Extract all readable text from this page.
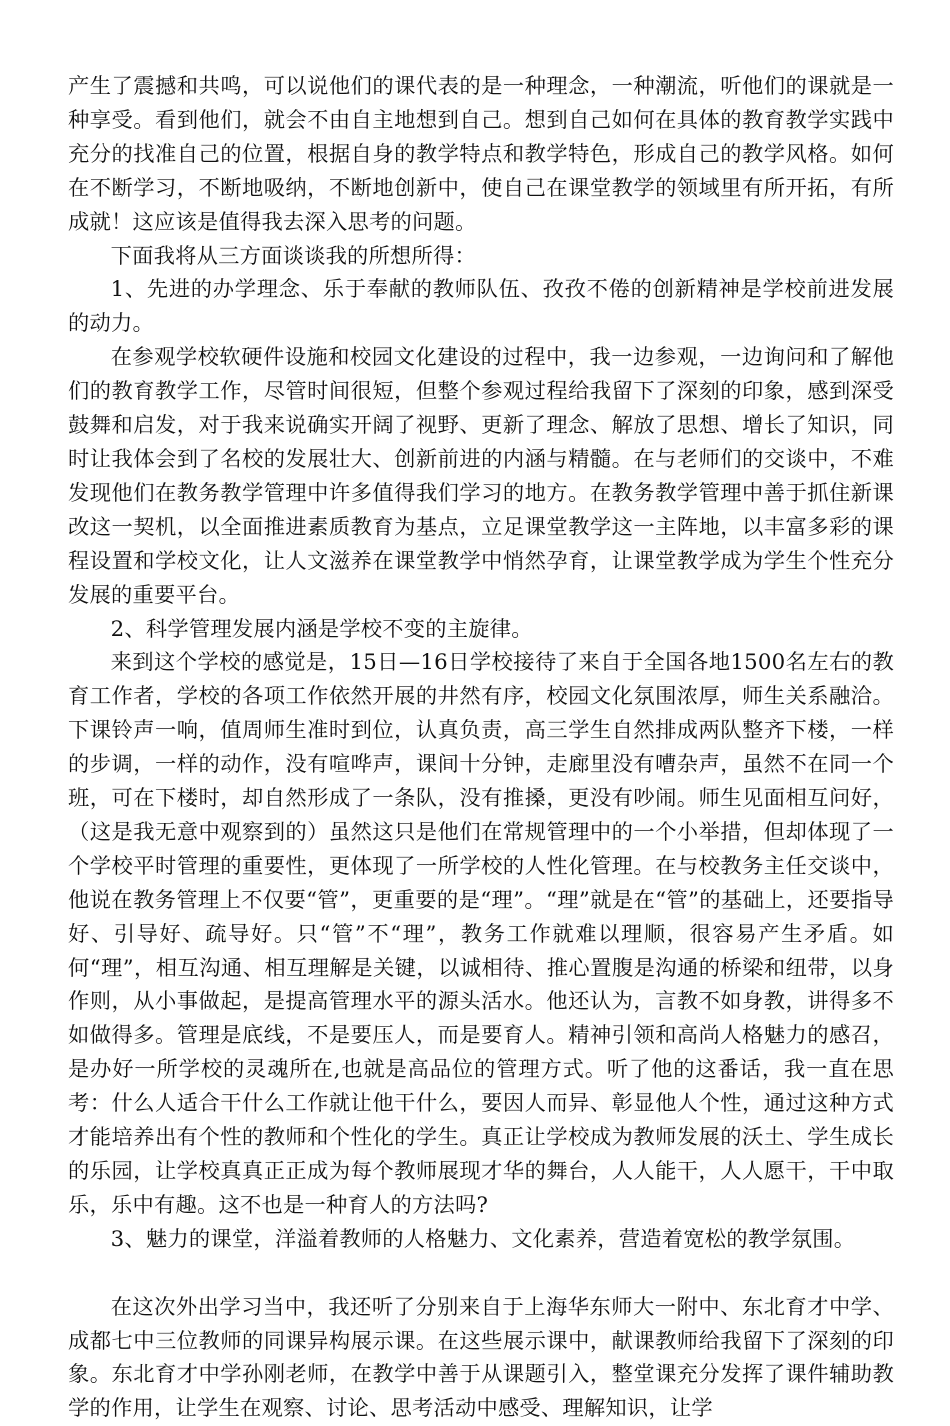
产生了震撼和共鸣，可以说他们的课代表的是一种理念，一种潮流，听他们的课就是一种享受。看到他们，就会不由自主地想到自己。想到自己如何在具体的教育教学实践中充分的找准自己的位置，根据自身的教学特点和教学特色，形成自己的教学风格。如何在不断学习，不断地吸纳，不断地创新中，使自己在课堂教学的领域里有所开拓，有所成就！这应该是值得我去深入思考的问题。

下面我将从三方面谈谈我的所想所得：

1、先进的办学理念、乐于奉献的教师队伍、孜孜不倦的创新精神是学校前进发展的动力。

在参观学校软硬件设施和校园文化建设的过程中，我一边参观，一边询问和了解他们的教育教学工作，尽管时间很短，但整个参观过程给我留下了深刻的印象，感到深受鼓舞和启发，对于我来说确实开阔了视野、更新了理念、解放了思想、增长了知识，同时让我体会到了名校的发展壮大、创新前进的内涵与精髓。在与老师们的交谈中，不难发现他们在教务教学管理中许多值得我们学习的地方。在教务教学管理中善于抓住新课改这一契机，以全面推进素质教育为基点，立足课堂教学这一主阵地，以丰富多彩的课程设置和学校文化，让人文滋养在课堂教学中悄然孕育，让课堂教学成为学生个性充分发展的重要平台。

2、科学管理发展内涵是学校不变的主旋律。

来到这个学校的感觉是，15日—16日学校接待了来自于全国各地1500名左右的教育工作者，学校的各项工作依然开展的井然有序，校园文化氛围浓厚，师生关系融洽。下课铃声一响，值周师生准时到位，认真负责，高三学生自然排成两队整齐下楼，一样的步调，一样的动作，没有喧哗声，课间十分钟，走廊里没有嘈杂声，虽然不在同一个班，可在下楼时，却自然形成了一条队，没有推搡，更没有吵闹。师生见面相互问好，（这是我无意中观察到的）虽然这只是他们在常规管理中的一个小举措，但却体现了一个学校平时管理的重要性，更体现了一所学校的人性化管理。在与校教务主任交谈中，他说在教务管理上不仅要“管”，更重要的是“理”。“理”就是在“管”的基础上，还要指导好、引导好、疏导好。只“管”不“理”，教务工作就难以理顺，很容易产生矛盾。如何“理”，相互沟通、相互理解是关键，以诚相待、推心置腹是沟通的桥梁和纽带，以身作则，从小事做起，是提高管理水平的源头活水。他还认为，言教不如身教，讲得多不如做得多。管理是底线，不是要压人，而是要育人。精神引领和高尚人格魅力的感召，是办好一所学校的灵魂所在,也就是高品位的管理方式。听了他的这番话，我一直在思考：什么人适合干什么工作就让他干什么，要因人而异、彰显他人个性，通过这种方式才能培养出有个性的教师和个性化的学生。真正让学校成为教师发展的沃土、学生成长的乐园，让学校真真正正成为每个教师展现才华的舞台，人人能干，人人愿干，干中取乐，乐中有趣。这不也是一种育人的方法吗?

3、魅力的课堂，洋溢着教师的人格魅力、文化素养，营造着宽松的教学氛围。

在这次外出学习当中，我还听了分别来自于上海华东师大一附中、东北育才中学、成都七中三位教师的同课异构展示课。在这些展示课中，献课教师给我留下了深刻的印象。东北育才中学孙刚老师，在教学中善于从课题引入，整堂课充分发挥了课件辅助教学的作用，让学生在观察、讨论、思考活动中感受、理解知识，让学
